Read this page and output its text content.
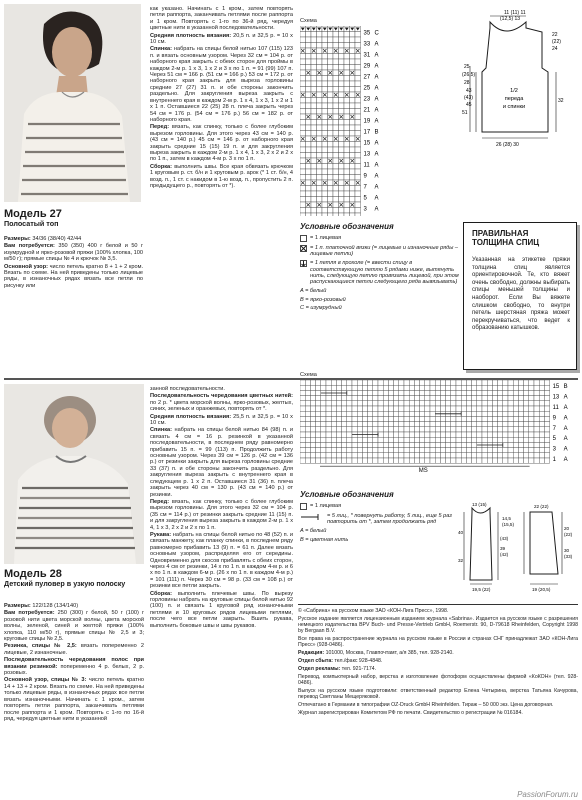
Модель 27
Полосатый топ

Размеры: 34/36 (38/40) 42/44

Вам потребуется: 350 (350) 400 г белой и 50 г изумрудной и ярко-розовой пряжи (100% хлопка, 100 м/50 г); прямые спицы № 4 и крючок № 3,5.

Основной узор: число петель кратно 8 + 1 + 2 кром. Вязать по схеме. На ней приведены только лицевые ряды, в изнаночных рядах вязать все петли по рисунку или

как указано. Начинать с 1 кром., затем повторять петли раппорта, заканчивать петлями после раппорта и 1 кром. Повторять с 1-го по 36-й ряд, чередуя цветные нити в указанной последовательности.

Средняя плотность вязания: 20,5 п. и 32,5 р. = 10 х 10 см.

Спинка: набрать на спицы белой нитью 107 (115) 123 п. и вязать основным узором. Через 32 см = 104 р. от наборного края закрыть с обеих сторон для проймы в каждом 2-м р. 1 х 3, 1 х 2 и 3 х по 1 п. = 91 (99) 107 п. Через 51 см = 166 р. (51 см = 166 р.) 53 см = 172 р. от наборного края закрыть для выреза горловины средние 27 (27) 31 п. и обе стороны закончить раздельно. Для закругления выреза закрыть с внутреннего края в каждом 2-м р. 1 х 4, 1 х 3, 1 х 2 и 1 х 1 п. Оставшиеся 22 (25) 28 п. плеча закрыть через 54 см = 176 р. (54 см = 176 р.) 56 см = 182 р. от наборного края.

Перед: вязать, как спинку, только с более глубоким вырезом горловины. Для этого через 43 см = 140 р. (43 см = 140 р.) 45 см = 146 р. от наборного края закрыть средние 15 (15) 19 п. и для закругления выреза закрыть в каждом 2-м р. 1 х 4, 1 х 3, 2 х 2 и 2 х по 1 п., затем в каждом 4-м р. 3 х по 1 п.

Сборка: выполнить швы. Все края обвязать крючком 1 круговым р. ст. б/н и 1 круговым р. арок (* 1 ст. б/н, 4 возд. п., 1 ст. с накидом в 1-ю возд. п., пропустить 2 п. предыдущего р., повторять от *).

Схема
35 C
33 A
31 A
29 A
27 A
25 A
23 A
21 A
19 A
17 B
15 A
13 A
11 A
9 A
7 A
5 A
3 A
1/2
переда
и спинки
11 (11) 11
(12,5) 13
22
(22)
24
25
(26,5)
28
43
(43)
45
51
32
26 (28) 30
Условные обозначения
= 1 лицевая
= 1 п. платочной вязки (= лицевые и изнаночные ряды – лицевые петли)
= 1 петля в прохоле (= ввести спицу в соответствующую петлю 5 рядами ниже, вытянуть нить, следующую петлю провязать лицевой, при этом распускающиеся петли следующего ряда вывязывать)
A = белый
B = ярко-розовый
C = изумрудный
ПРАВИЛЬНАЯ ТОЛЩИНА СПИЦ
Указанная на этикетке пряжи толщина спиц является ориентировочной. Те, кто вяжет очень свободно, должны выбирать спицы меньшей толщины и наоборот. Если Вы вяжете слишком свободно, то внутри петель шерстяная пряжа может перекручиваться, что ведет к образованию катышков.
Модель 28
Детский пуловер в узкую полоску

Размеры: 122/128 (134/140)

Вам потребуется: 250 (300) г белой, 50 г (100) г розовой нити цвета морской волны, цвета морской волны, зеленой, синей и желтой пряжи (100% хлопка, 110 м/50 г), прямые спицы № 2,5 и 3; круговые спицы № 2,5.

Резинка, спицы № 2,5: вязать попеременно 2 лицевые, 2 изнаночные.

Последовательность чередования полос при вязании резинкой: попеременно 4 р. белых, 2 р. розовых.

Основной узор, спицы № 3: число петель кратно 14 + 13 + 2 кром. Вязать по схеме. На ней приведены только лицевые ряды, в изнаночных рядах все петли вязать изнаночными. Начинать с 1 кром., затем повторять петли раппорта, заканчивать петлями после раппорта и 1 кром. Повторять с 1-го по 16-й ряд, чередуя цветные нити в указанной

занной последовательности.

Последовательность чередования цветных нитей: по 2 р. * цвета морской волны, ярко-розовых, желтых, синих, зеленых и оранжевых, повторять от *.

Средняя плотность вязания: 25,5 п. и 32,5 р. = 10 х 10 см.

Спинка: набрать на спицы белой нитью 84 (98) п. и связать 4 см = 16 р. резинкой в указанной последовательности, в последнем ряду равномерно прибавить 15 п. = 99 (113) п. Продолжить работу основным узором. Через 39 см = 126 р. (42 см = 136 р.) от резинки закрыть для выреза горловины средние 33 (37) п. и обе стороны закончить раздельно. Для закругления выреза закрыть с внутреннего края в следующем р. 1 х 2 п. Оставшиеся 31 (36) п. плеча закрыть через 40 см = 130 р. (43 см = 140 р.) от резинки.

Перед: вязать, как спинку, только с более глубоким вырезом горловины. Для этого через 32 см = 104 р. (35 см = 114 р.) от резинки закрыть средние 11 (15) п. и для закругления выреза закрыть в каждом 2-м р. 1 х 4, 1 х 3, 2 х 2 и 2 х по 1 п.

Рукава: набрать на спицы белой нитью по 48 (52) п. и связать манжету, как планку спинки, в последнем ряду равномерно прибавить 13 (9) п. = 61 п. Далее вязать основным узором, распределяя его от середины. Одновременно для скосов прибавлять с обеих сторон, через 4 см от резинки, 14 х по 1 п. в каждом 4-м р. и 6 х по 1 п. в каждом 6-м р. (26 х по 1 п. в каждом 4-м р.) = 101 (111) п. Через 30 см = 98 р. (33 см = 108 р.) от резинки все петли закрыть.

Сборка: выполнить плечевые швы. По вырезу горловины набрать на круговые спицы белой нитью 92 (100) п. и связать 1 круговой ряд изнаночными петлями и 10 круговых рядов лицевыми петлями, после чего все петли закрыть. Вшить рукава, выполнить боковые швы и швы рукавов.

Схема
15 B
13 A
11 A
9 A
7 A
5 A
3 A
1 A
MS
Условные обозначения
= 1 лицевая
= 5 лиц., * повернуть работу, 5 лиц., еще 5 раз повторить от *, затем продолжать ряд
A = белый
B = цветная нить
13 (15)
14,5
(15,5)
40
(43)
39
(42)
32
19,5 (22)
22 (22)
20
(22)
30
(33)
19 (20,5)
© «Сабрина» на русском языке ЗАО «КОН-Лига Пресс», 1998.
Русское издание является лицензионным изданием журнала «Sabrina». Издается на русском языке с разрешения немецкого издательства BPV Buch- und Presse-Vertrieb GmbH, Roemerstr. 90, D-79618 Rheinfelden, Copyright 1998 by Bergaan B.V.
Все права на распространение журнала на русском языке в России и странах СНГ принадлежат ЗАО «КОН-Лига Пресс» (928-0486).
Редакция: 101000, Москва, Главпочтамт, а/я 385, тел. 928-2140.
Отдел сбыта: тел./факс 928-4848.
Отдел рекламы: тел. 921-7174.
Перевод, компьютерный набор, верстка и изготовление фотоформ осуществлены фирмой «КоКОН» (тел. 928-0486).
Выпуск на русском языке подготовили: ответственный редактор Елена Четырина, верстка Татьяна Качурова, перевод Светланы Мещеряковой.
Отпечатано в Германии в типографии OZ-Druck GmbH Rheinfelden. Тираж – 50 000 экз. Цена договорная.
Журнал зарегистрирован Комитетом РФ по печати. Свидетельство о регистрации № 016184.
PassionForum.ru
